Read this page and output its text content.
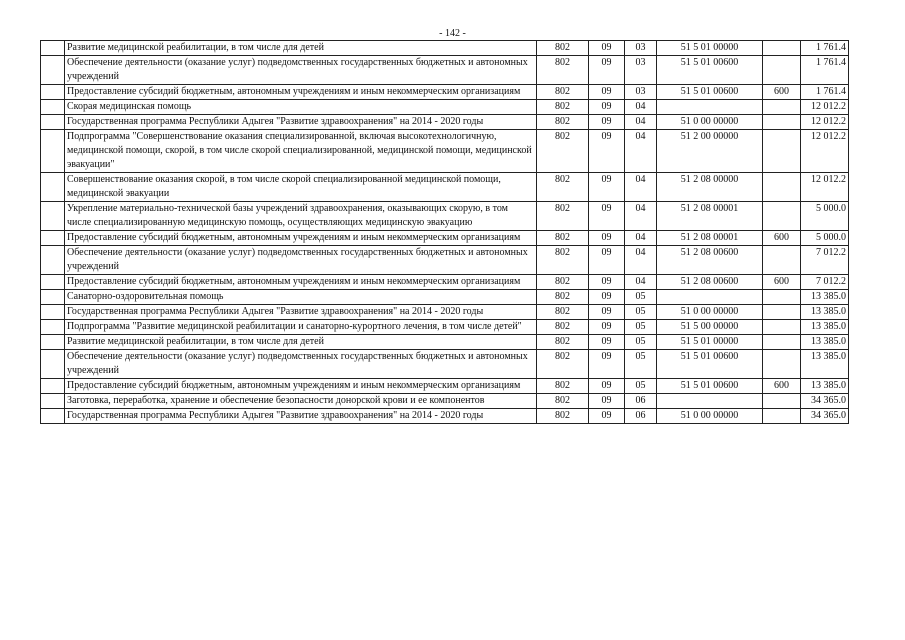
- 142 -
	Развитие медицинской реабилитации, в том числе для детей	802	09	03	51 5 01 00000		1 761.4
	Обеспечение деятельности (оказание услуг) подведомственных государственных бюджетных и автономных учреждений	802	09	03	51 5 01 00600		1 761.4
	Предоставление субсидий бюджетным, автономным учреждениям и иным некоммерческим организациям	802	09	03	51 5 01 00600	600	1 761.4
	Скорая медицинская помощь	802	09	04			12 012.2
	Государственная программа Республики Адыгея "Развитие здравоохранения" на 2014 - 2020 годы	802	09	04	51 0 00 00000		12 012.2
	Подпрограмма "Совершенствование оказания специализированной, включая высокотехнологичную, медицинской помощи, скорой, в том числе скорой специализированной, медицинской помощи, медицинской эвакуации"	802	09	04	51 2 00 00000		12 012.2
	Совершенствование оказания скорой, в том числе скорой специализированной медицинской помощи, медицинской эвакуации	802	09	04	51 2 08 00000		12 012.2
	Укрепление материально-технической базы учреждений здравоохранения, оказывающих скорую, в том числе специализированную медицинскую помощь, осуществляющих медицинскую эвакуацию	802	09	04	51 2 08 00001		5 000.0
	Предоставление субсидий бюджетным, автономным учреждениям и иным некоммерческим организациям	802	09	04	51 2 08 00001	600	5 000.0
	Обеспечение деятельности (оказание услуг) подведомственных государственных бюджетных и автономных учреждений	802	09	04	51 2 08 00600		7 012.2
	Предоставление субсидий бюджетным, автономным учреждениям и иным некоммерческим организациям	802	09	04	51 2 08 00600	600	7 012.2
	Санаторно-оздоровительная помощь	802	09	05			13 385.0
	Государственная программа Республики Адыгея "Развитие здравоохранения" на 2014 - 2020 годы	802	09	05	51 0 00 00000		13 385.0
	Подпрограмма "Развитие медицинской реабилитации и санаторно-курортного лечения, в том числе детей"	802	09	05	51 5 00 00000		13 385.0
	Развитие медицинской реабилитации, в том числе для детей	802	09	05	51 5 01 00000		13 385.0
	Обеспечение деятельности (оказание услуг) подведомственных государственных бюджетных и автономных учреждений	802	09	05	51 5 01 00600		13 385.0
	Предоставление субсидий бюджетным, автономным учреждениям и иным некоммерческим организациям	802	09	05	51 5 01 00600	600	13 385.0
	Заготовка, переработка, хранение и обеспечение безопасности донорской крови и ее компонентов	802	09	06			34 365.0
	Государственная программа Республики Адыгея "Развитие здравоохранения" на 2014 - 2020 годы	802	09	06	51 0 00 00000		34 365.0
